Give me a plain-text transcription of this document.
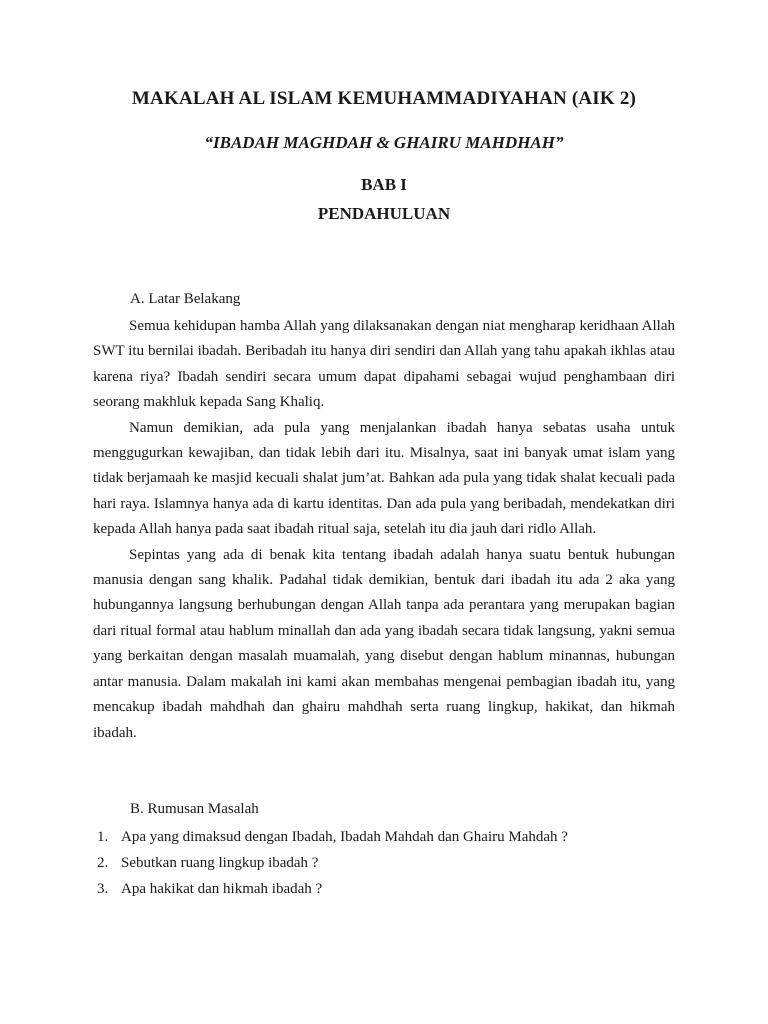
MAKALAH AL ISLAM KEMUHAMMADIYAHAN (AIK 2)
“IBADAH MAGHDAH & GHAIRU MAHDHAH”
BAB I
PENDAHULUAN
A. Latar Belakang

Semua kehidupan hamba Allah yang dilaksanakan dengan niat mengharap keridhaan Allah SWT itu bernilai ibadah. Beribadah itu hanya diri sendiri dan Allah yang tahu apakah ikhlas atau karena riya? Ibadah sendiri secara umum dapat dipahami sebagai wujud penghambaan diri seorang makhluk kepada Sang Khaliq.

Namun demikian, ada pula yang menjalankan ibadah hanya sebatas usaha untuk menggugurkan kewajiban, dan tidak lebih dari itu. Misalnya, saat ini banyak umat islam yang tidak berjamaah ke masjid kecuali shalat jum’at. Bahkan ada pula yang tidak shalat kecuali pada hari raya. Islamnya hanya ada di kartu identitas. Dan ada pula yang beribadah, mendekatkan diri kepada Allah hanya pada saat ibadah ritual saja, setelah itu dia jauh dari ridlo Allah.

Sepintas yang ada di benak kita tentang ibadah adalah hanya suatu bentuk hubungan manusia dengan sang khalik. Padahal tidak demikian, bentuk dari ibadah itu ada 2 aka yang hubungannya langsung berhubungan dengan Allah tanpa ada perantara yang merupakan bagian dari ritual formal atau hablum minallah dan ada yang ibadah secara tidak langsung, yakni semua yang berkaitan dengan masalah muamalah, yang disebut dengan hablum minannas, hubungan antar manusia. Dalam makalah ini kami akan membahas mengenai pembagian ibadah itu, yang mencakup ibadah mahdhah dan ghairu mahdhah serta ruang lingkup, hakikat, dan hikmah ibadah.

B. Rumusan Masalah
1. Apa yang dimaksud dengan Ibadah, Ibadah Mahdah dan Ghairu Mahdah ?
2. Sebutkan ruang lingkup ibadah ?
3. Apa hakikat dan hikmah ibadah ?
